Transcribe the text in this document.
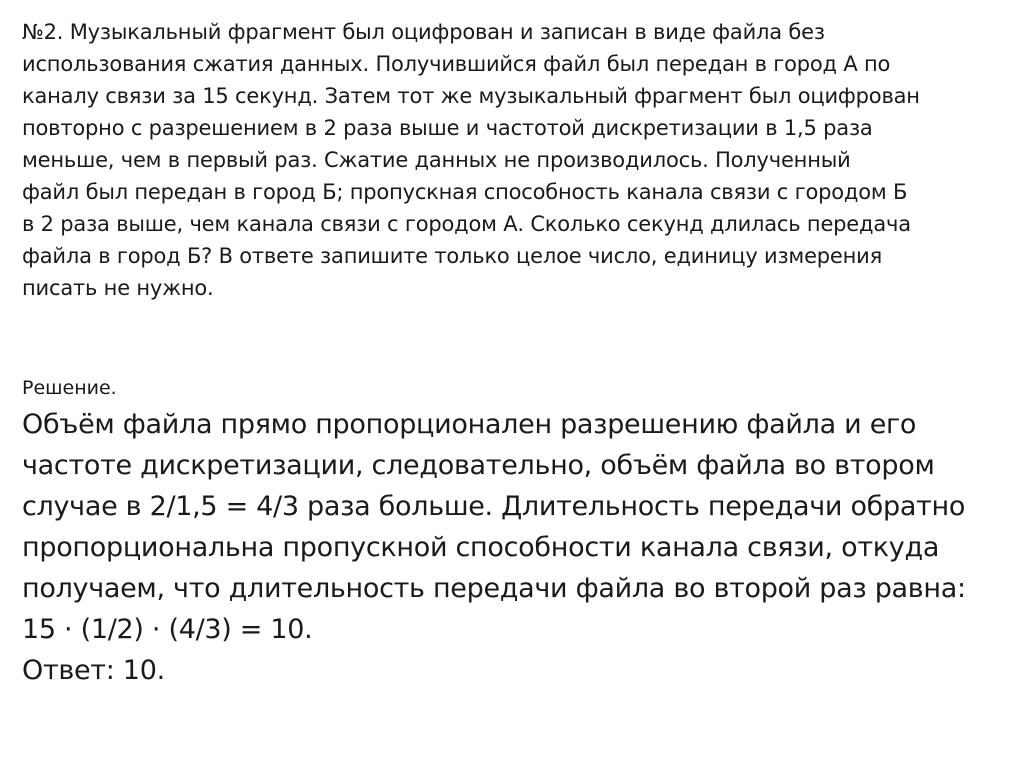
№2. Музыкальный фрагмент был оцифрован и записан в виде файла без
использования сжатия данных. Получившийся файл был передан в город А по
каналу связи за 15 секунд. Затем тот же музыкальный фрагмент был оцифрован
повторно с разрешением в 2 раза выше и частотой дискретизации в 1,5 раза
меньше, чем в первый раз. Сжатие данных не производилось. Полученный
файл был передан в город Б; пропускная способность канала связи с городом Б
в 2 раза выше, чем канала связи с городом А. Сколько секунд длилась передача
файла в город Б? В ответе запишите только целое число, единицу измерения
писать не нужно.
Решение.
Объём файла прямо пропорционален разрешению файла и его
частоте дискретизации, следовательно, объём файла во втором
случае в 2/1,5 = 4/3 раза больше. Длительность передачи обратно
пропорциональна пропускной способности канала связи, откуда
получаем, что длительность передачи файла во второй раз равна:
15 · (1/2) · (4/3) = 10.
Ответ: 10.
